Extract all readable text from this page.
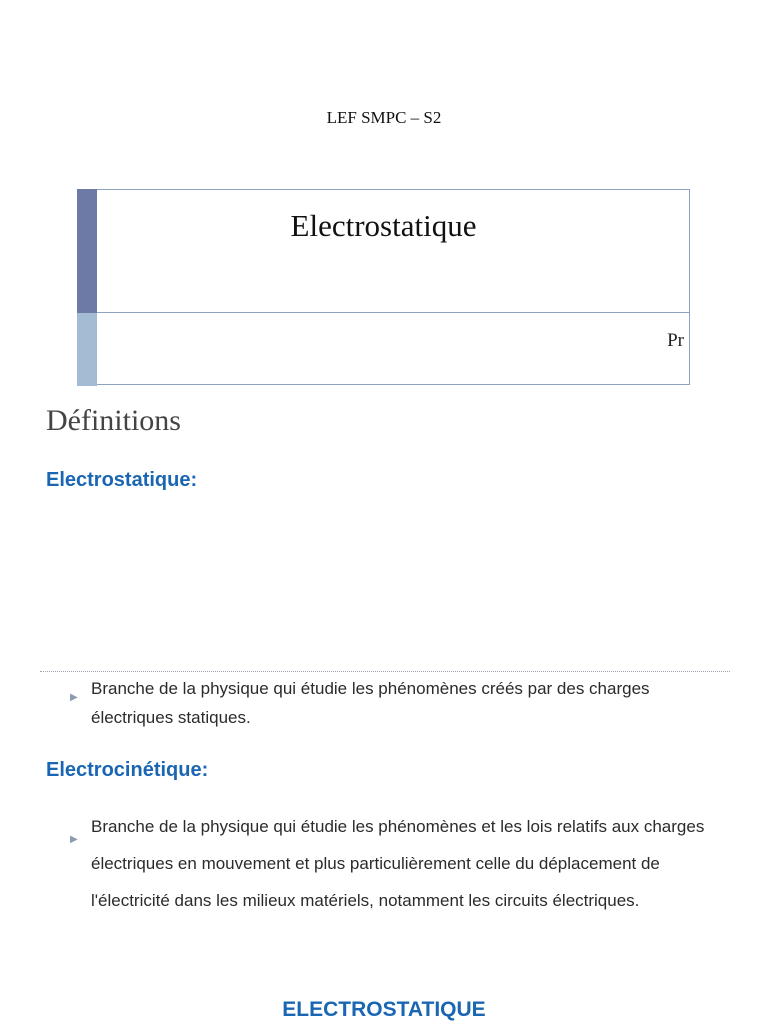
LEF SMPC – S2
Electrostatique
Pr
Définitions
Electrostatique:
▶ Branche de la physique qui étudie les phénomènes créés par des charges électriques statiques.
Electrocinétique:
▶
Branche de la physique qui étudie les phénomènes et les lois relatifs aux charges électriques en mouvement et plus particulièrement celle du déplacement de l'électricité dans les milieux matériels, notamment les circuits électriques.
ELECTROSTATIQUE
